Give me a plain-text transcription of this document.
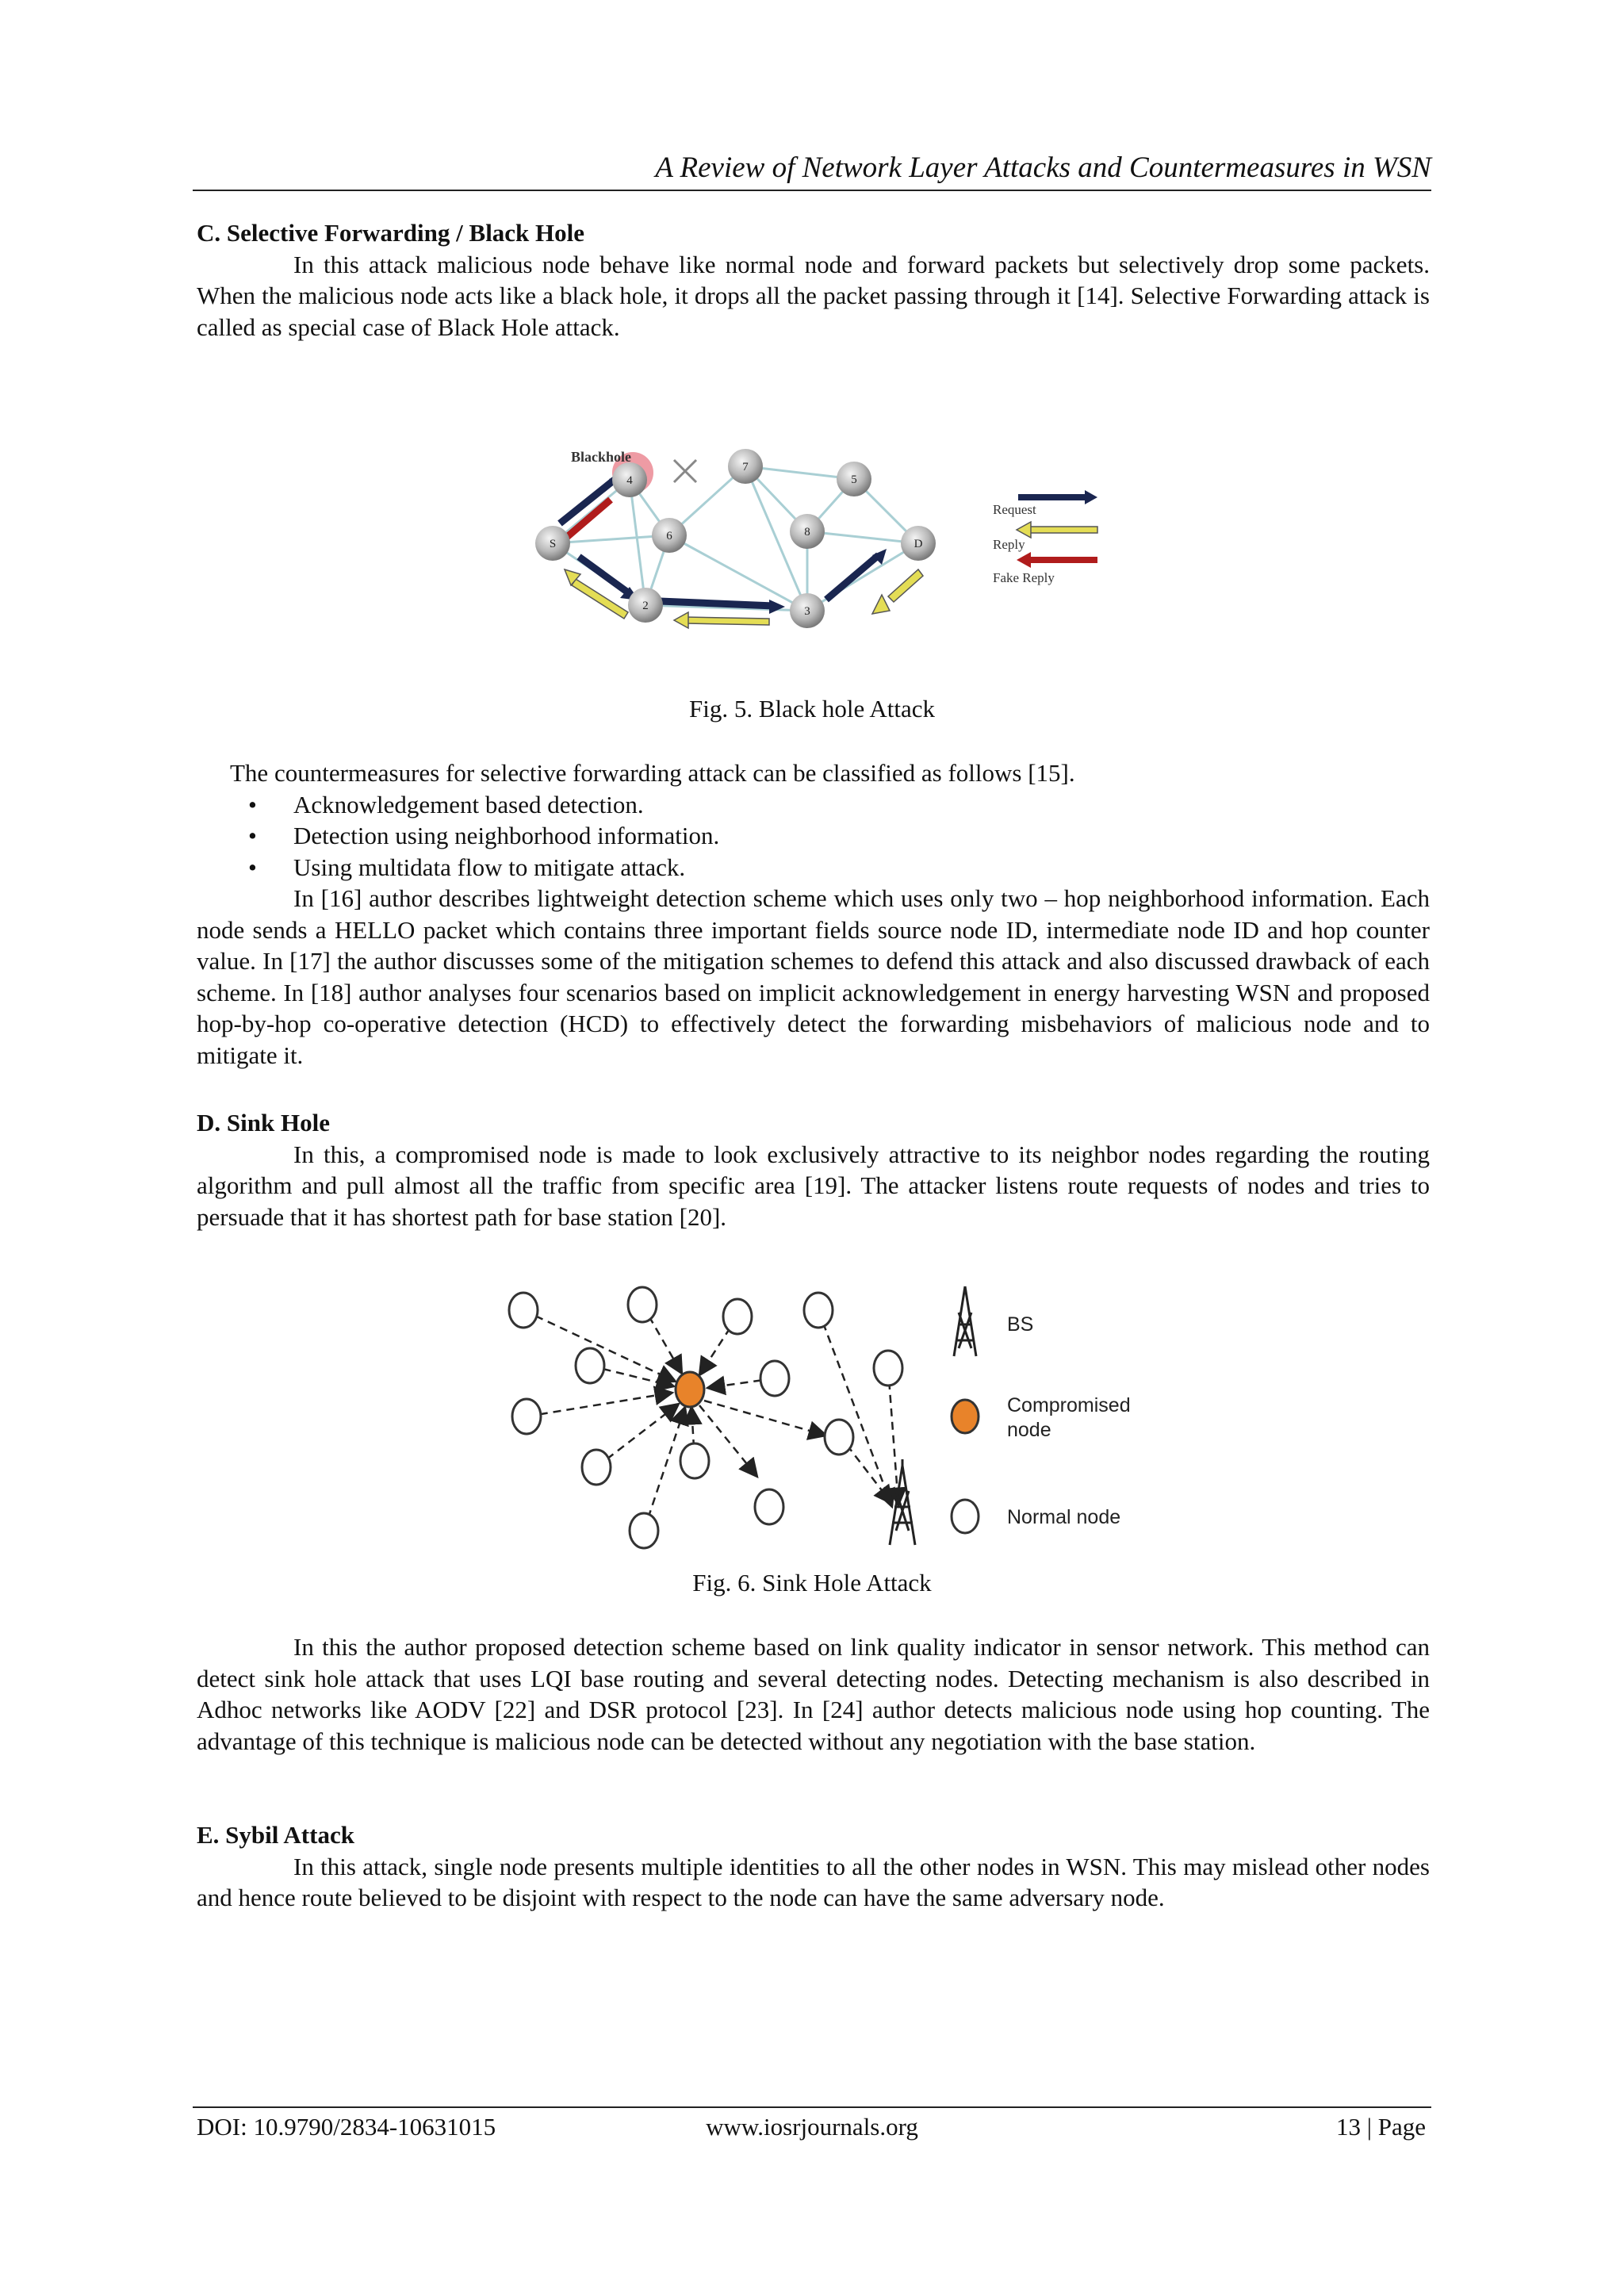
A Review of Network Layer Attacks and Countermeasures in WSN

C. Selective Forwarding / Black Hole

In this attack malicious node behave like normal node and forward packets but selectively drop some packets. When the malicious node acts like a black hole, it drops all the packet passing through it [14]. Selective Forwarding attack is called as special case of Black Hole attack.

Blackhole
S
2	3
4
6
7
8
5
D
Request
Reply
Fake Reply
Fig. 5. Black hole Attack

The countermeasures for selective forwarding attack can be classified as follows [15].

• Acknowledgement based detection.
• Detection using neighborhood information.
• Using multidata flow to mitigate attack.

In [16] author describes lightweight detection scheme which uses only two – hop neighborhood information. Each node sends a HELLO packet which contains three important fields source node ID, intermediate node ID and hop counter value. In [17] the author discusses some of the mitigation schemes to defend this attack and also discussed drawback of each scheme. In [18] author analyses four scenarios based on implicit acknowledgement in energy harvesting WSN and proposed hop-by-hop co-operative detection (HCD) to effectively detect the forwarding misbehaviors of malicious node and to mitigate it.

D. Sink Hole

In this, a compromised node is made to look exclusively attractive to its neighbor nodes regarding the routing algorithm and pull almost all the traffic from specific area [19]. The attacker listens route requests of nodes and tries to persuade that it has shortest path for base station [20].

BS
Compromised
node
Normal node
Fig. 6. Sink Hole Attack

In this the author proposed detection scheme based on link quality indicator in sensor network. This method can detect sink hole attack that uses LQI base routing and several detecting nodes. Detecting mechanism is also described in Adhoc networks like AODV [22] and DSR protocol [23]. In [24] author detects malicious node using hop counting. The advantage of this technique is malicious node can be detected without any negotiation with the base station.

E. Sybil Attack

In this attack, single node presents multiple identities to all the other nodes in WSN. This may mislead other nodes and hence route believed to be disjoint with respect to the node can have the same adversary node.

DOI: 10.9790/2834-10631015	www.iosrjournals.org	13 | Page
